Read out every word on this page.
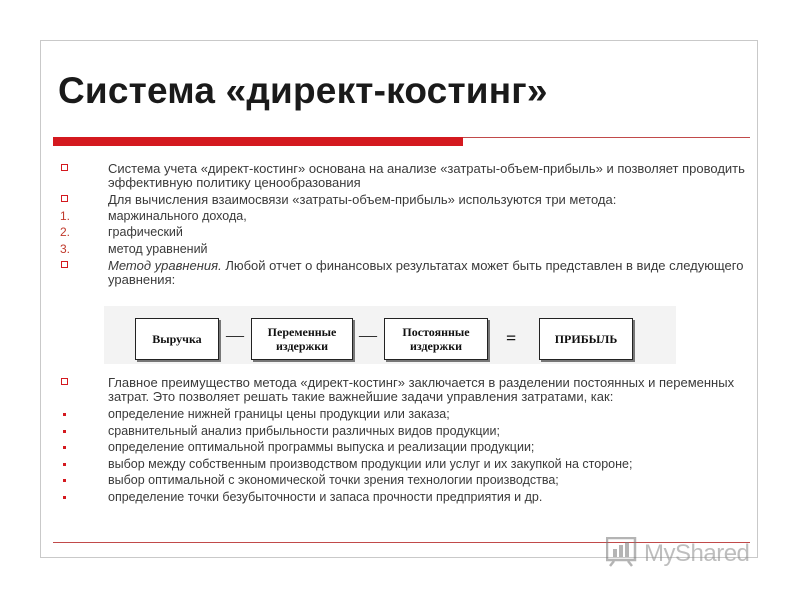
Система «директ-костинг»
Система учета «директ-костинг» основана на анализе «затраты-объем-прибыль» и позволяет проводить эффективную политику ценообразования
Для вычисления взаимосвязи «затраты-объем-прибыль» используются три метода:
1.	маржинального дохода,
2.	графический
3.	метод уравнений
Метод уравнения. Любой отчет о финансовых результатах может быть представлен в виде следующего уравнения:
Выручка	—	Переменные издержки
—	Постоянные издержки	=	ПРИБЫЛЬ
Главное преимущество метода «директ-костинг» заключается в разделении постоянных и переменных затрат. Это позволяет решать такие важнейшие задачи управления затратами, как:
определение нижней границы цены продукции или заказа;
сравнительный анализ прибыльности различных видов продукции;
определение оптимальной программы выпуска и реализации продукции;
выбор между собственным производством продукции или услуг и их закупкой на стороне;
выбор оптимальной с экономической точки зрения технологии производства;
определение точки безубыточности и запаса прочности предприятия и др.
MyShared
